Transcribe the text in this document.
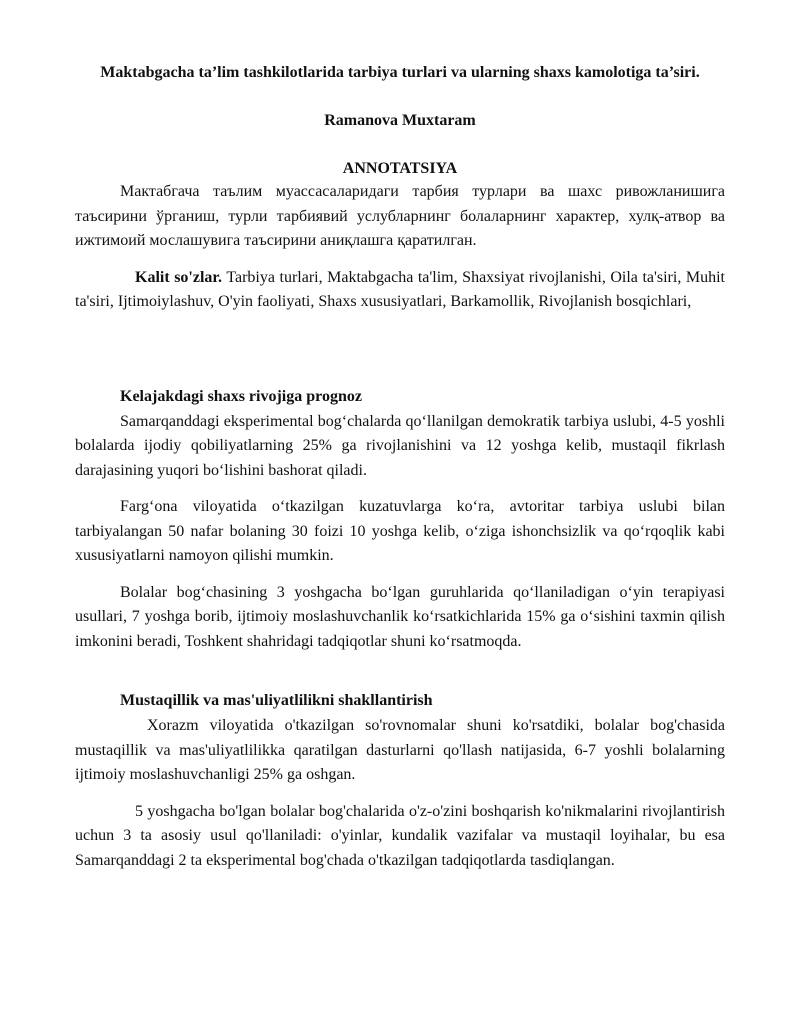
Maktabgacha ta’lim tashkilotlarida tarbiya turlari va ularning shaxs kamolotiga ta’siri.

Ramanova Muxtaram

ANNOTATSIYA

Мактабгача таълим муассасаларидаги тарбия турлари ва шахс ривожланишига таъсирини ўрганиш, турли тарбиявий услубларнинг болаларнинг характер, хулқ-атвор ва ижтимоий мослашувига таъсирини аниқлашга қаратилган.

Kalit so'zlar. Tarbiya turlari, Maktabgacha ta'lim, Shaxsiyat rivojlanishi, Oila ta'siri, Muhit ta'siri, Ijtimoiylashuv, O'yin faoliyati, Shaxs xususiyatlari, Barkamollik, Rivojlanish bosqichlari,

Kelajakdagi shaxs rivojiga prognoz

Samarqanddagi eksperimental bog‘chalarda qo‘llanilgan demokratik tarbiya uslubi, 4-5 yoshli bolalarda ijodiy qobiliyatlarning 25% ga rivojlanishini va 12 yoshga kelib, mustaqil fikrlash darajasining yuqori bo‘lishini bashorat qiladi.

Farg‘ona viloyatida o‘tkazilgan kuzatuvlarga ko‘ra, avtoritar tarbiya uslubi bilan tarbiyalangan 50 nafar bolaning 30 foizi 10 yoshga kelib, o‘ziga ishonchsizlik va qo‘rqoqlik kabi xususiyatlarni namoyon qilishi mumkin.

Bolalar bog‘chasining 3 yoshgacha bo‘lgan guruhlarida qo‘llaniladigan o‘yin terapiyasi usullari, 7 yoshga borib, ijtimoiy moslashuvchanlik ko‘rsatkichlarida 15% ga o‘sishini taxmin qilish imkonini beradi, Toshkent shahridagi tadqiqotlar shuni ko‘rsatmoqda.

Mustaqillik va mas'uliyatlilikni shakllantirish

Xorazm viloyatida o'tkazilgan so'rovnomalar shuni ko'rsatdiki, bolalar bog'chasida mustaqillik va mas'uliyatlilikka qaratilgan dasturlarni qo'llash natijasida, 6-7 yoshli bolalarning ijtimoiy moslashuvchanligi 25% ga oshgan.

5 yoshgacha bo'lgan bolalar bog'chalarida o'z-o'zini boshqarish ko'nikmalarini rivojlantirish uchun 3 ta asosiy usul qo'llaniladi: o'yinlar, kundalik vazifalar va mustaqil loyihalar, bu esa Samarqanddagi 2 ta eksperimental bog'chada o'tkazilgan tadqiqotlarda tasdiqlangan.
